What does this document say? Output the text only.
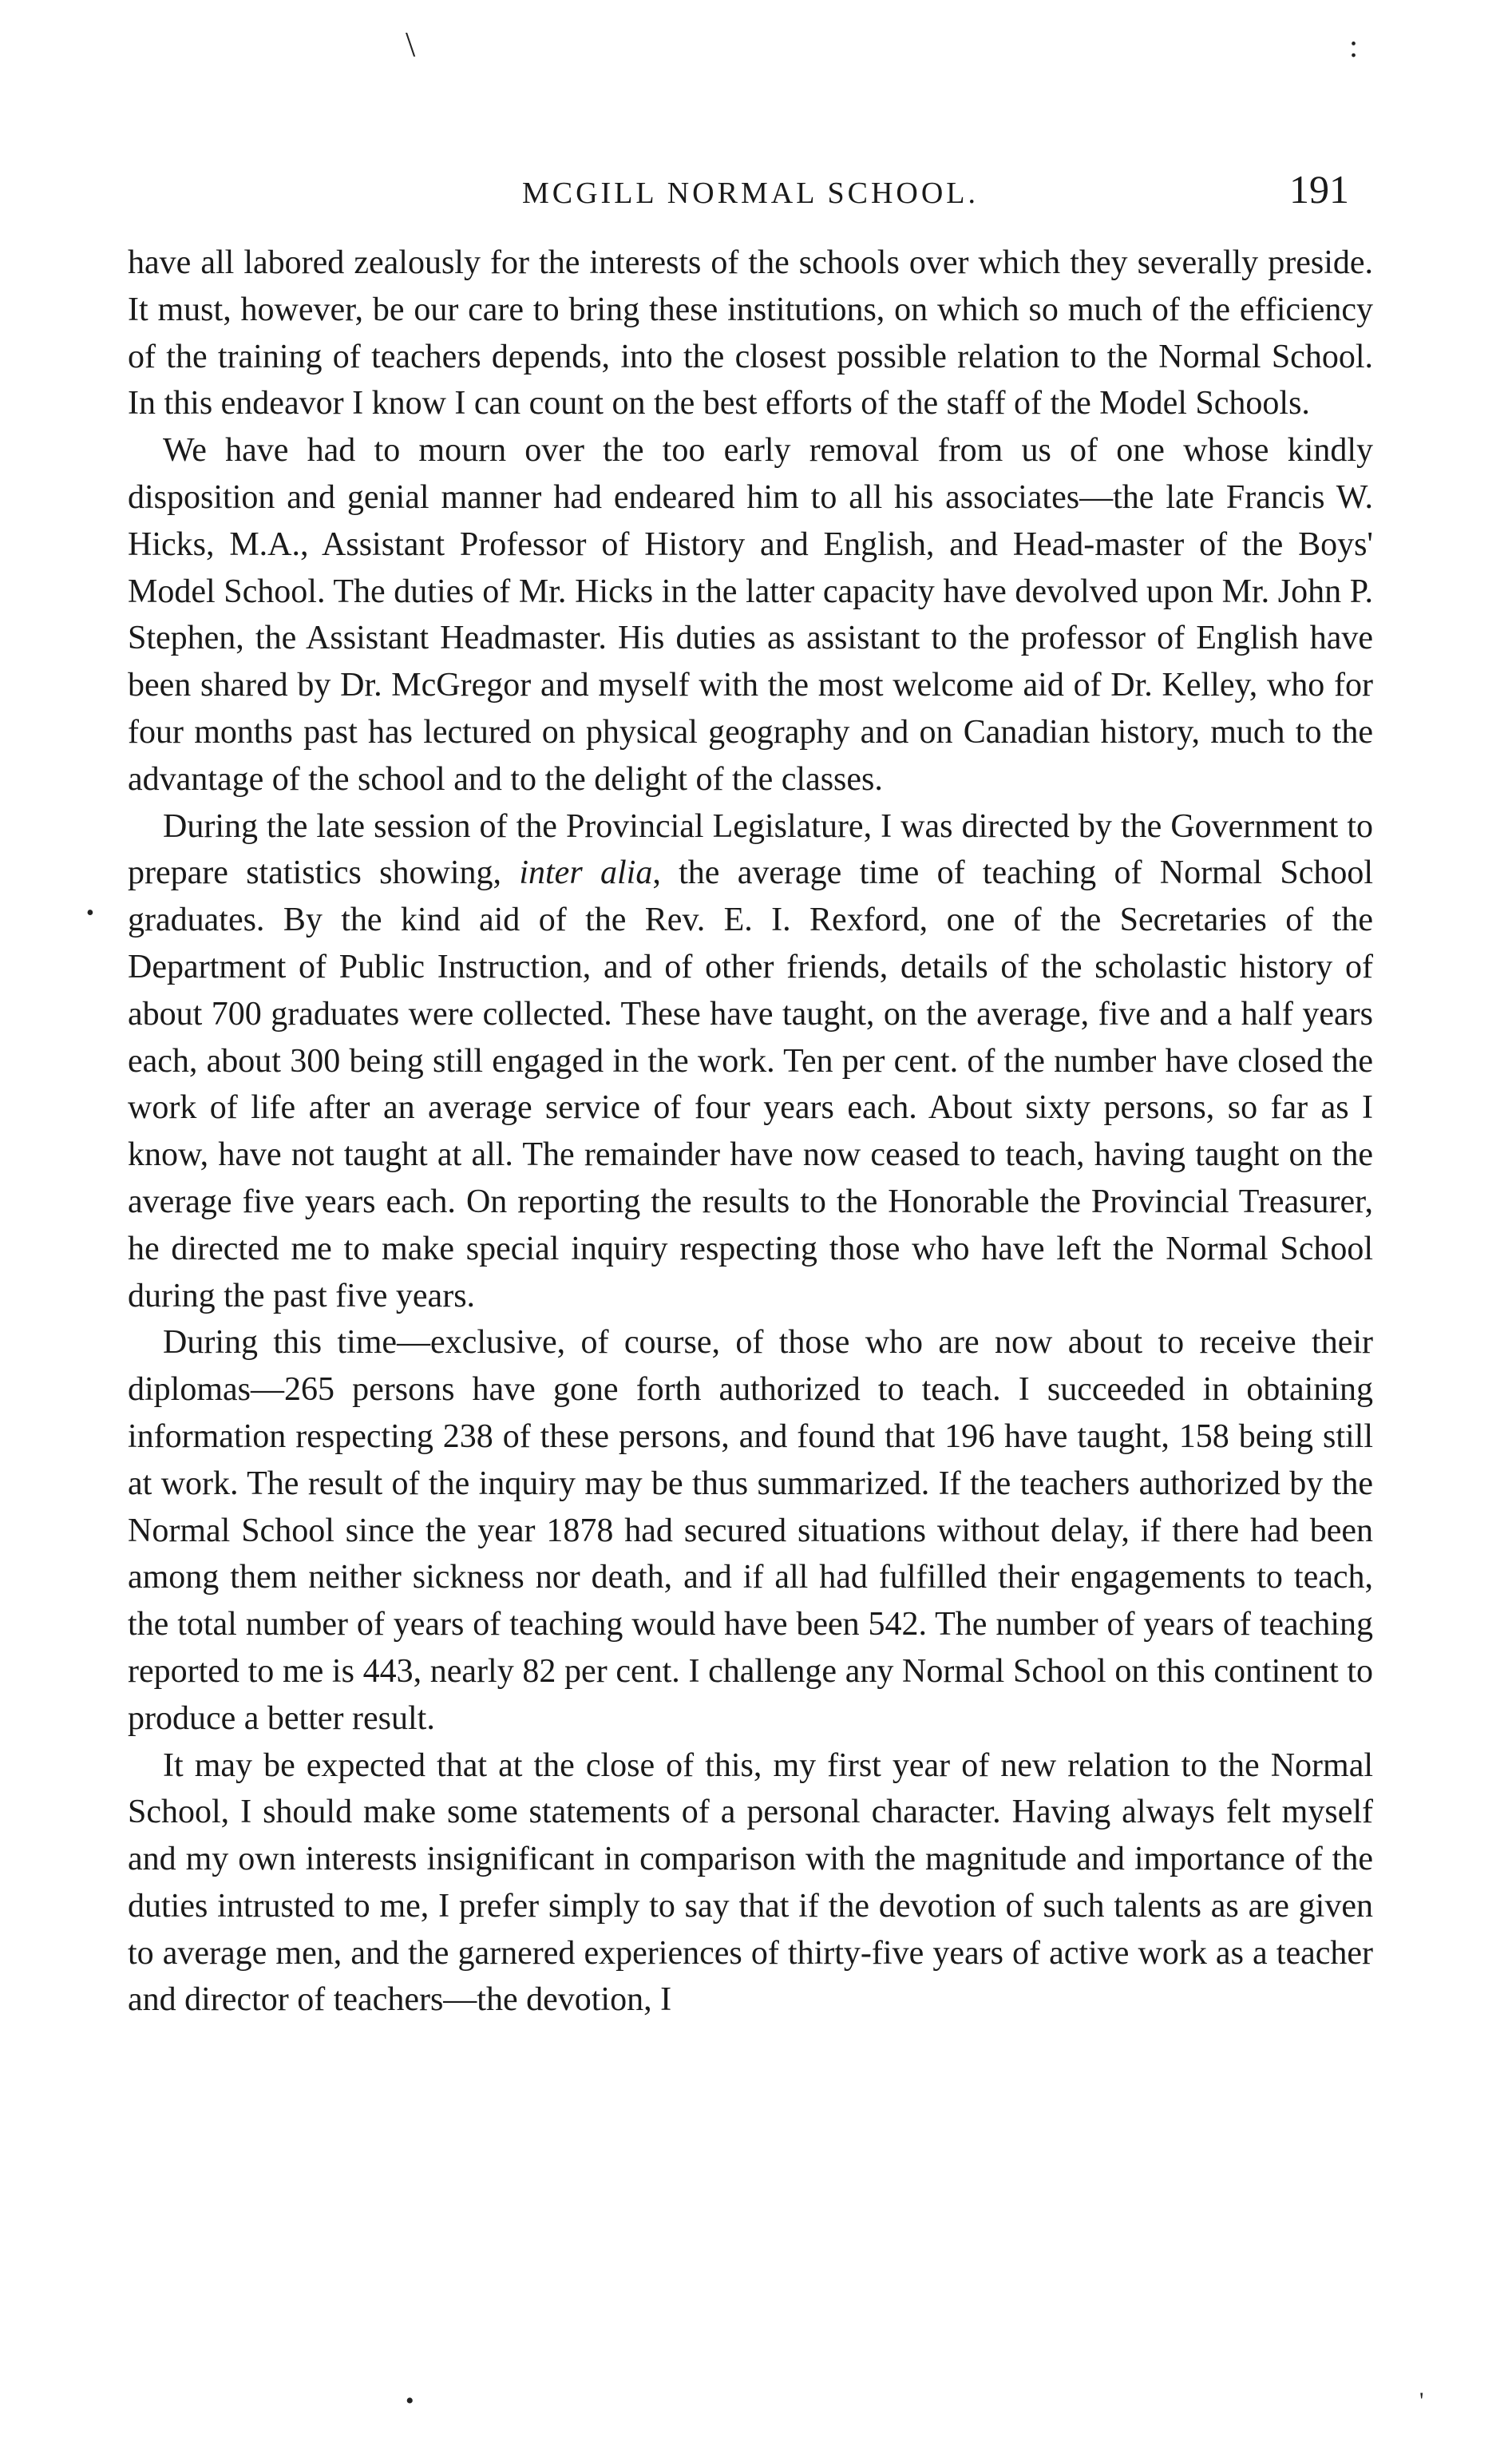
\	:
•
•	'
MCGILL NORMAL SCHOOL.	191

have all labored zealously for the interests of the schools over which they severally preside. It must, however, be our care to bring these institutions, on which so much of the efficiency of the training of teachers depends, into the closest possible relation to the Normal School. In this endeavor I know I can count on the best efforts of the staff of the Model Schools.

We have had to mourn over the too early removal from us of one whose kindly disposition and genial manner had endeared him to all his associates—the late Francis W. Hicks, M.A., Assistant Professor of History and English, and Head-master of the Boys' Model School. The duties of Mr. Hicks in the latter capacity have devolved upon Mr. John P. Stephen, the Assistant Headmaster. His duties as assistant to the professor of English have been shared by Dr. McGregor and myself with the most welcome aid of Dr. Kelley, who for four months past has lectured on physical geography and on Canadian history, much to the advantage of the school and to the delight of the classes.

During the late session of the Provincial Legislature, I was directed by the Government to prepare statistics showing, inter alia, the average time of teaching of Normal School graduates. By the kind aid of the Rev. E. I. Rexford, one of the Secretaries of the Department of Public Instruction, and of other friends, details of the scholastic history of about 700 graduates were collected. These have taught, on the average, five and a half years each, about 300 being still engaged in the work. Ten per cent. of the number have closed the work of life after an average service of four years each. About sixty persons, so far as I know, have not taught at all. The remainder have now ceased to teach, having taught on the average five years each. On reporting the results to the Honorable the Provincial Treasurer, he directed me to make special inquiry respecting those who have left the Normal School during the past five years.

During this time—exclusive, of course, of those who are now about to receive their diplomas—265 persons have gone forth authorized to teach. I succeeded in obtaining information respecting 238 of these persons, and found that 196 have taught, 158 being still at work. The result of the inquiry may be thus summarized. If the teachers authorized by the Normal School since the year 1878 had secured situations without delay, if there had been among them neither sickness nor death, and if all had fulfilled their engagements to teach, the total number of years of teaching would have been 542. The number of years of teaching reported to me is 443, nearly 82 per cent. I challenge any Normal School on this continent to produce a better result.

It may be expected that at the close of this, my first year of new relation to the Normal School, I should make some statements of a personal character. Having always felt myself and my own interests insignificant in comparison with the magnitude and importance of the duties intrusted to me, I prefer simply to say that if the devotion of such talents as are given to average men, and the garnered experiences of thirty-five years of active work as a teacher and director of teachers—the devotion, I
